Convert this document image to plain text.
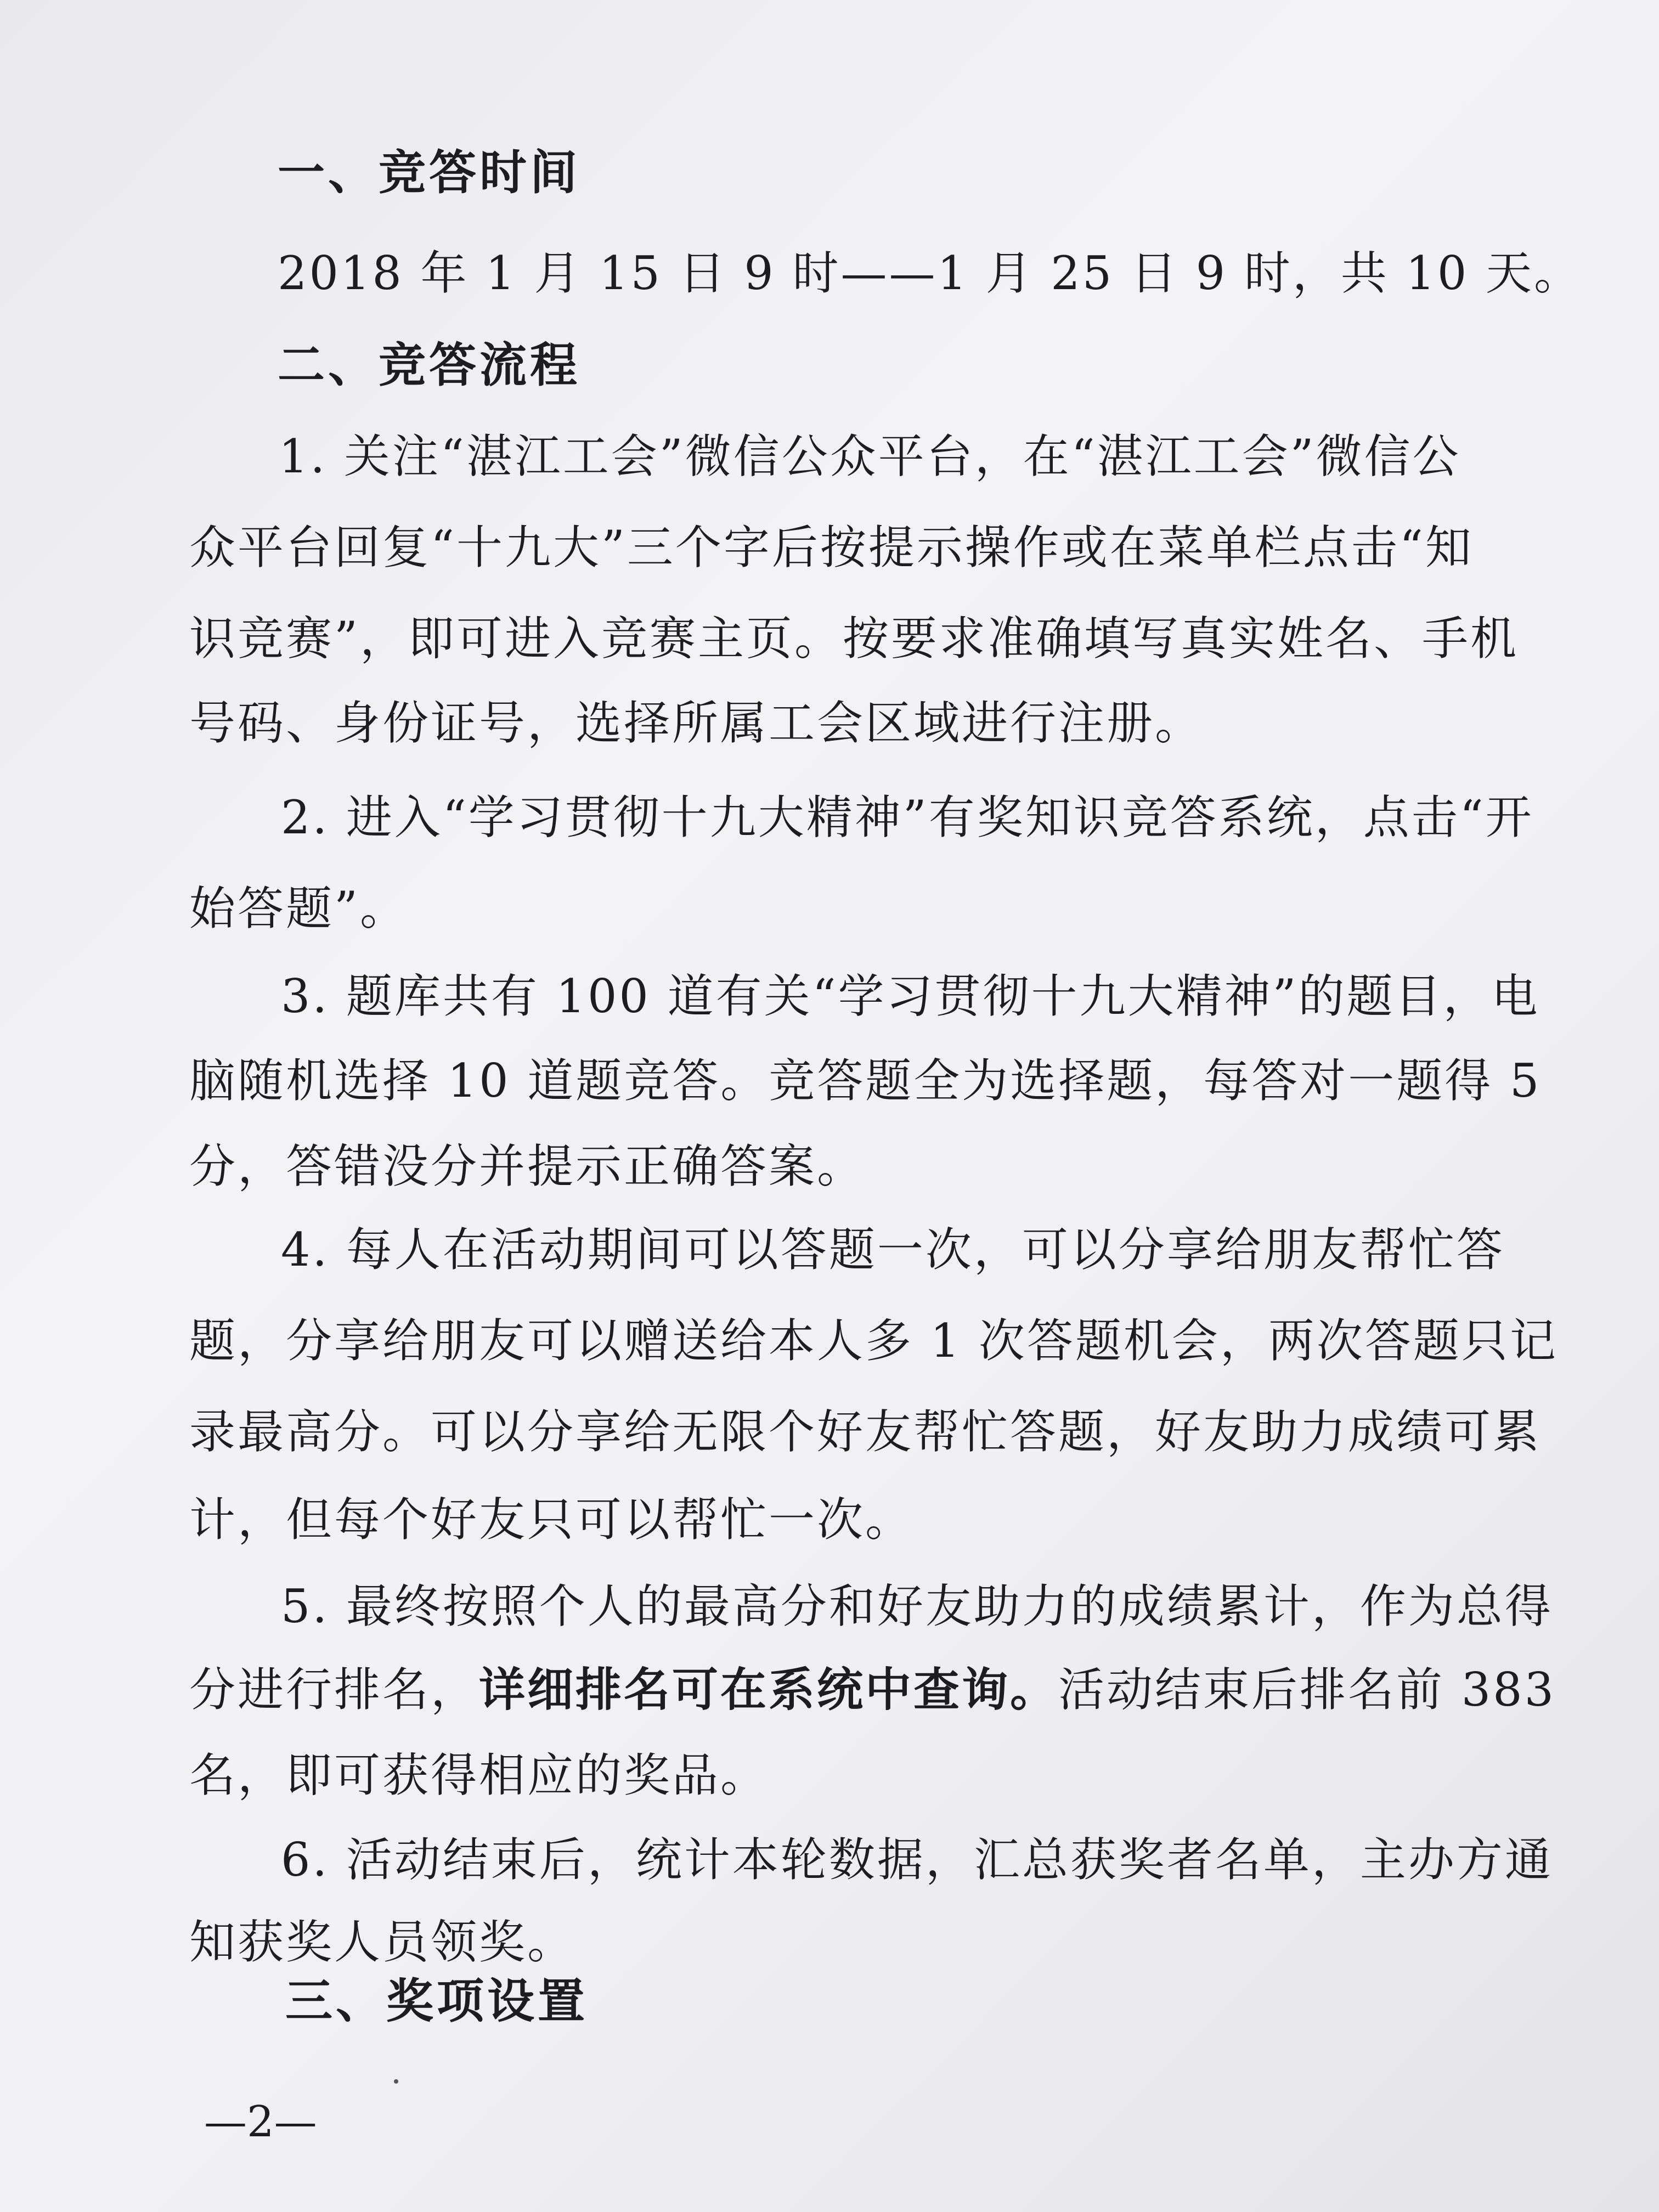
一、竞答时间
2018 年 1 月 15 日 9 时——1 月 25 日 9 时，共 10 天。
二、竞答流程
1. 关注“湛江工会”微信公众平台，在“湛江工会”微信公
众平台回复“十九大”三个字后按提示操作或在菜单栏点击“知
识竞赛”，即可进入竞赛主页。按要求准确填写真实姓名、手机
号码、身份证号，选择所属工会区域进行注册。
2. 进入“学习贯彻十九大精神”有奖知识竞答系统，点击“开
始答题”。
3. 题库共有 100 道有关“学习贯彻十九大精神”的题目，电
脑随机选择 10 道题竞答。竞答题全为选择题，每答对一题得 5
分，答错没分并提示正确答案。
4. 每人在活动期间可以答题一次，可以分享给朋友帮忙答
题，分享给朋友可以赠送给本人多 1 次答题机会，两次答题只记
录最高分。可以分享给无限个好友帮忙答题，好友助力成绩可累
计，但每个好友只可以帮忙一次。
5. 最终按照个人的最高分和好友助力的成绩累计，作为总得
分进行排名，详细排名可在系统中查询。活动结束后排名前 383
名，即可获得相应的奖品。
6. 活动结束后，统计本轮数据，汇总获奖者名单，主办方通
知获奖人员领奖。
三、奖项设置
—2—
